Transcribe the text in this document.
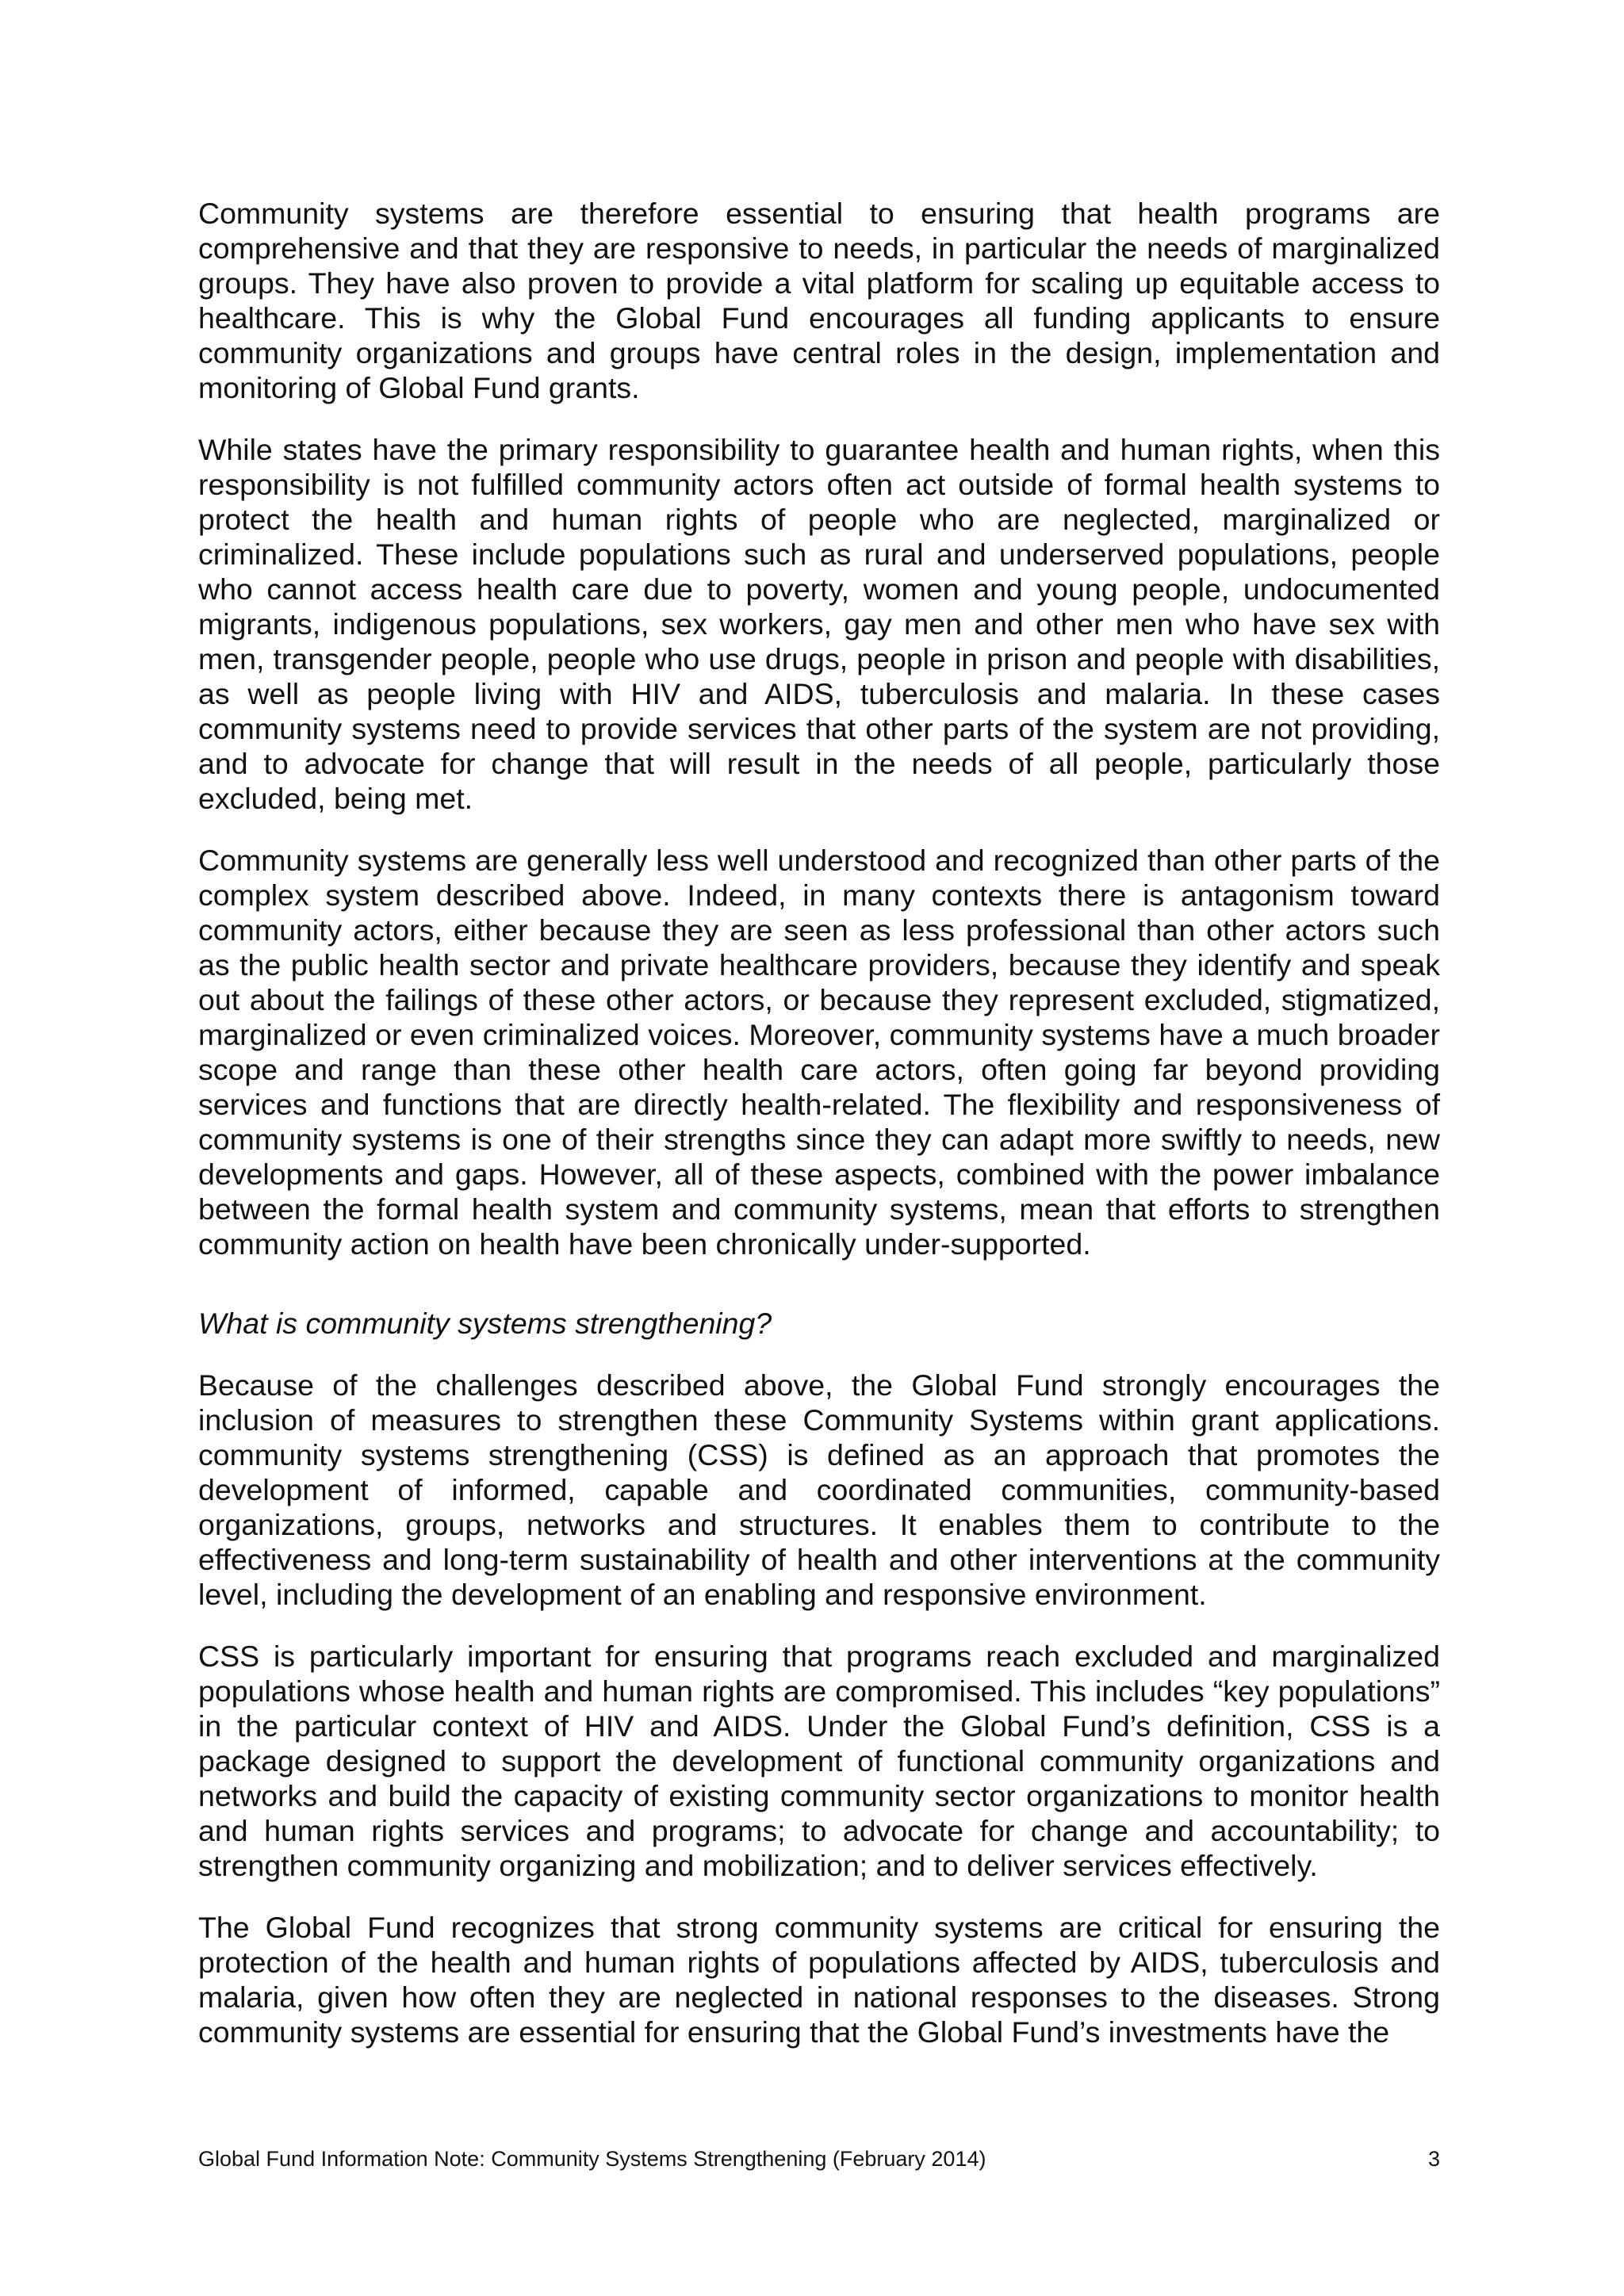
Community systems are therefore essential to ensuring that health programs are comprehensive and that they are responsive to needs, in particular the needs of marginalized groups. They have also proven to provide a vital platform for scaling up equitable access to healthcare. This is why the Global Fund encourages all funding applicants to ensure community organizations and groups have central roles in the design, implementation and monitoring of Global Fund grants.

While states have the primary responsibility to guarantee health and human rights, when this responsibility is not fulfilled community actors often act outside of formal health systems to protect the health and human rights of people who are neglected, marginalized or criminalized. These include populations such as rural and underserved populations, people who cannot access health care due to poverty, women and young people, undocumented migrants, indigenous populations, sex workers, gay men and other men who have sex with men, transgender people, people who use drugs, people in prison and people with disabilities, as well as people living with HIV and AIDS, tuberculosis and malaria. In these cases community systems need to provide services that other parts of the system are not providing, and to advocate for change that will result in the needs of all people, particularly those excluded, being met.

Community systems are generally less well understood and recognized than other parts of the complex system described above. Indeed, in many contexts there is antagonism toward community actors, either because they are seen as less professional than other actors such as the public health sector and private healthcare providers, because they identify and speak out about the failings of these other actors, or because they represent excluded, stigmatized, marginalized or even criminalized voices. Moreover, community systems have a much broader scope and range than these other health care actors, often going far beyond providing services and functions that are directly health-related. The flexibility and responsiveness of community systems is one of their strengths since they can adapt more swiftly to needs, new developments and gaps. However, all of these aspects, combined with the power imbalance between the formal health system and community systems, mean that efforts to strengthen community action on health have been chronically under-supported.

What is community systems strengthening?

Because of the challenges described above, the Global Fund strongly encourages the inclusion of measures to strengthen these Community Systems within grant applications. community systems strengthening (CSS) is defined as an approach that promotes the development of informed, capable and coordinated communities, community-based organizations, groups, networks and structures. It enables them to contribute to the effectiveness and long-term sustainability of health and other interventions at the community level, including the development of an enabling and responsive environment.

CSS is particularly important for ensuring that programs reach excluded and marginalized populations whose health and human rights are compromised. This includes “key populations” in the particular context of HIV and AIDS. Under the Global Fund’s definition, CSS is a package designed to support the development of functional community organizations and networks and build the capacity of existing community sector organizations to monitor health and human rights services and programs; to advocate for change and accountability; to strengthen community organizing and mobilization; and to deliver services effectively.

The Global Fund recognizes that strong community systems are critical for ensuring the protection of the health and human rights of populations affected by AIDS, tuberculosis and malaria, given how often they are neglected in national responses to the diseases. Strong community systems are essential for ensuring that the Global Fund’s investments have the

Global Fund Information Note: Community Systems Strengthening (February 2014)	3
